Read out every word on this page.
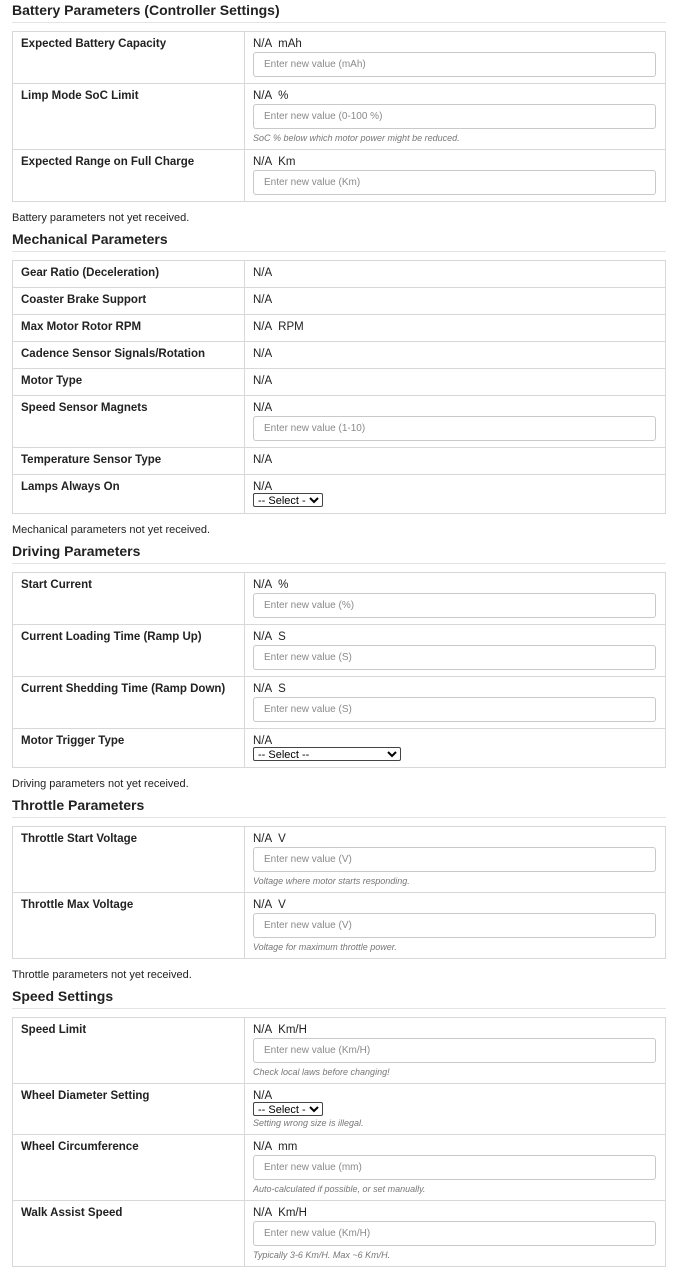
Battery Parameters (Controller Settings)
Expected Battery Capacity	N/A mAh
Enter new value (mAh)
Limp Mode SoC Limit	N/A %
Enter new value (0-100 %)
SoC % below which motor power might be reduced.

Expected Range on Full Charge	N/A Km
Enter new value (Km)
Battery parameters not yet received.
Mechanical Parameters
Gear Ratio (Deceleration)	N/A

Coaster Brake Support	N/A

Max Motor Rotor RPM	N/A RPM

Cadence Sensor Signals/Rotation	N/A

Motor Type	N/A

Speed Sensor Magnets	N/A
Enter new value (1-10)
Temperature Sensor Type	N/A

Lamps Always On	N/A
-- Select --
Mechanical parameters not yet received.
Driving Parameters
Start Current	N/A %
Enter new value (%)
Current Loading Time (Ramp Up)	N/A S
Enter new value (S)
Current Shedding Time (Ramp Down)	N/A S
Enter new value (S)
Motor Trigger Type	N/A
-- Select --
Driving parameters not yet received.
Throttle Parameters
Throttle Start Voltage	N/A V
Enter new value (V)
Voltage where motor starts responding.

Throttle Max Voltage	N/A V
Enter new value (V)
Voltage for maximum throttle power.
Throttle parameters not yet received.
Speed Settings
Speed Limit	N/A Km/H
Enter new value (Km/H)
Check local laws before changing!

Wheel Diameter Setting	N/A
-- Select --
Setting wrong size is illegal.

Wheel Circumference	N/A mm
Enter new value (mm)
Auto-calculated if possible, or set manually.

Walk Assist Speed	N/A Km/H
Enter new value (Km/H)
Typically 3-6 Km/H. Max ~6 Km/H.
